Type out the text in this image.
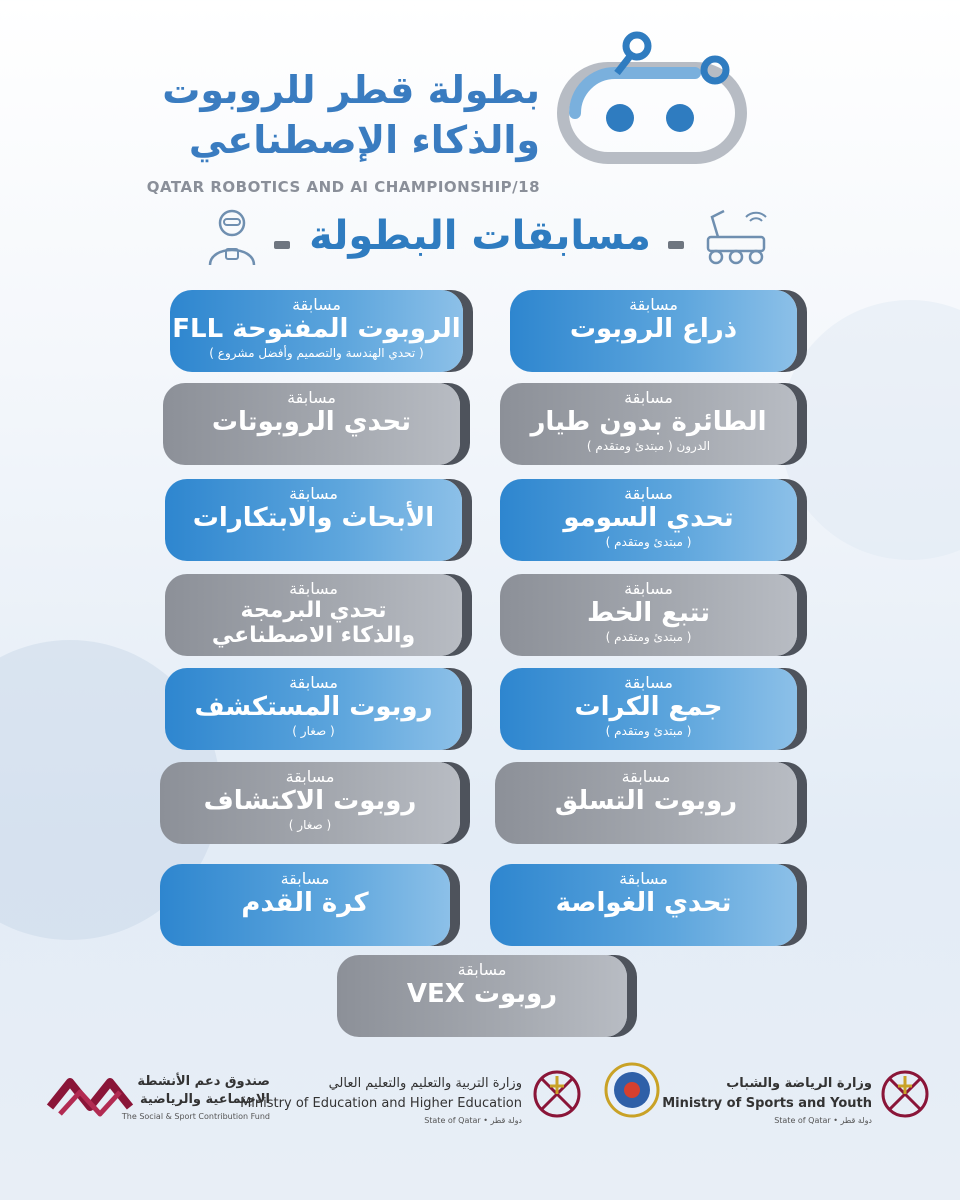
بطولة قطر للروبوت
والذكاء الإصطناعي
QATAR ROBOTICS AND AI CHAMPIONSHIP/18
مسابقات البطولة
مسابقة
ذراع الروبوت
مسابقة
الروبوت المفتوحة FLL
( تحدي الهندسة والتصميم وأفضل مشروع )
مسابقة
الطائرة بدون طيار
الدرون ( مبتدئ ومتقدم )
مسابقة
تحدي الروبوتات
مسابقة
تحدي السومو
( مبتدئ ومتقدم )
مسابقة
الأبحاث والابتكارات
مسابقة
تتبع الخط
( مبتدئ ومتقدم )
مسابقة
تحدي البرمجة
والذكاء الاصطناعي
مسابقة
جمع الكرات
( مبتدئ ومتقدم )
مسابقة
روبوت المستكشف
( صغار )
مسابقة
روبوت التسلق
مسابقة
روبوت الاكتشاف
( صغار )
مسابقة
تحدي الغواصة
مسابقة
كرة القدم
مسابقة
روبوت VEX
صندوق دعم الأنشطة
الاجتماعية والرياضية
The Social & Sport Contribution Fund
وزارة التربية والتعليم والتعليم العالي
Ministry of Education and Higher Education
State of Qatar • دولة قطر
وزارة الرياضة والشباب
Ministry of Sports and Youth
State of Qatar • دولة قطر
